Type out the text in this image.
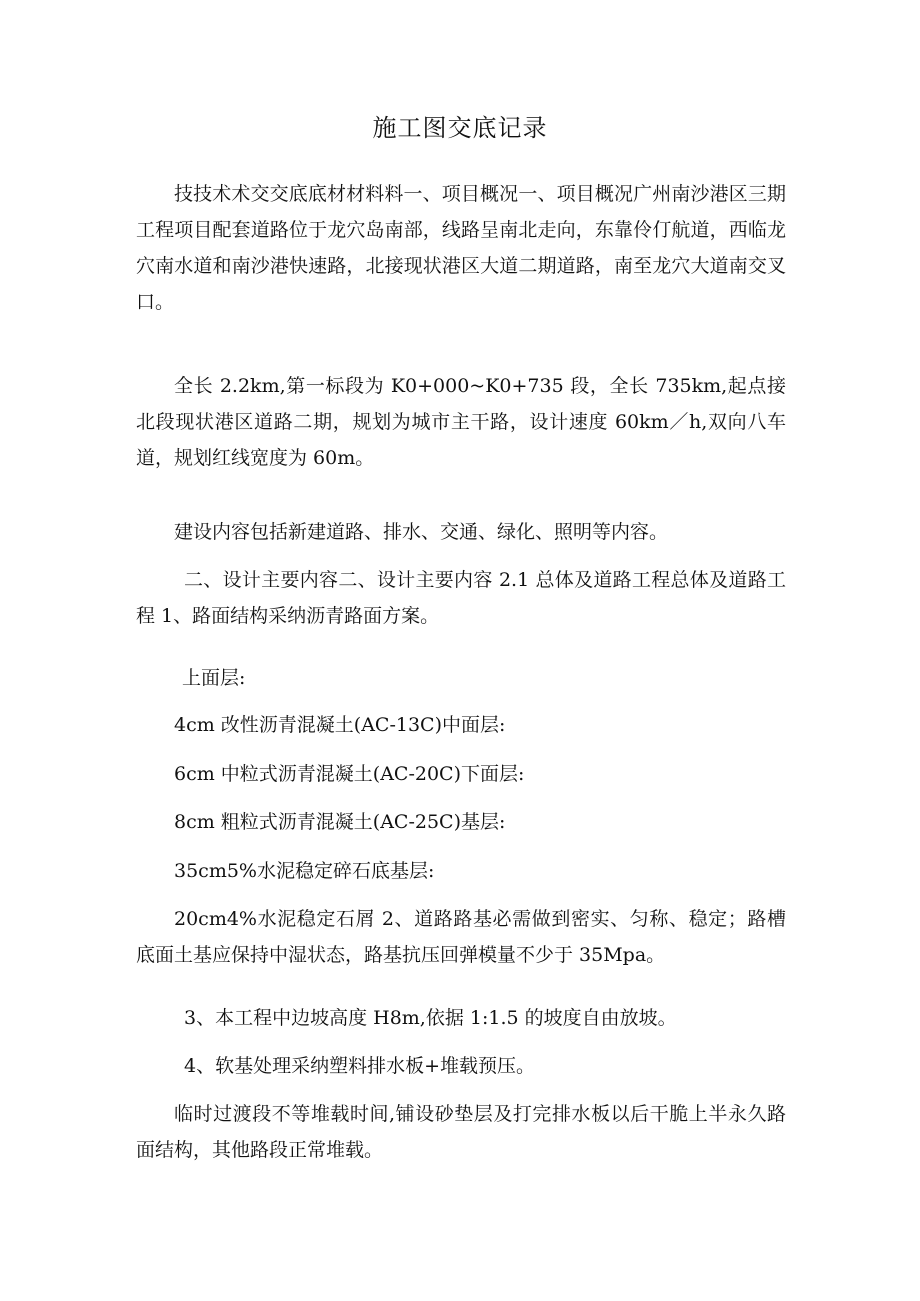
施工图交底记录

技技术术交交底底材材料料一、项目概况一、项目概况广州南沙港区三期工程项目配套道路位于龙穴岛南部，线路呈南北走向，东靠伶仃航道，西临龙穴南水道和南沙港快速路，北接现状港区大道二期道路，南至龙穴大道南交叉口。

全长 2.2km,第一标段为 K0+000~K0+735 段，全长 735km,起点接北段现状港区道路二期，规划为城市主干路，设计速度 60km／h,双向八车道，规划红线宽度为 60m。

建设内容包括新建道路、排水、交通、绿化、照明等内容。

二、设计主要内容二、设计主要内容 2.1 总体及道路工程总体及道路工程 1、路面结构采纳沥青路面方案。

上面层:

4cm 改性沥青混凝土(AC-13C)中面层:

6cm 中粒式沥青混凝土(AC-20C)下面层:

8cm 粗粒式沥青混凝土(AC-25C)基层:

35cm5%水泥稳定碎石底基层:

20cm4%水泥稳定石屑 2、道路路基必需做到密实、匀称、稳定；路槽底面土基应保持中湿状态，路基抗压回弹模量不少于 35Mpa。

3、本工程中边坡高度 H8m,依据 1:1.5 的坡度自由放坡。

4、软基处理采纳塑料排水板+堆载预压。

临时过渡段不等堆载时间,铺设砂垫层及打完排水板以后干脆上半永久路面结构，其他路段正常堆载。
